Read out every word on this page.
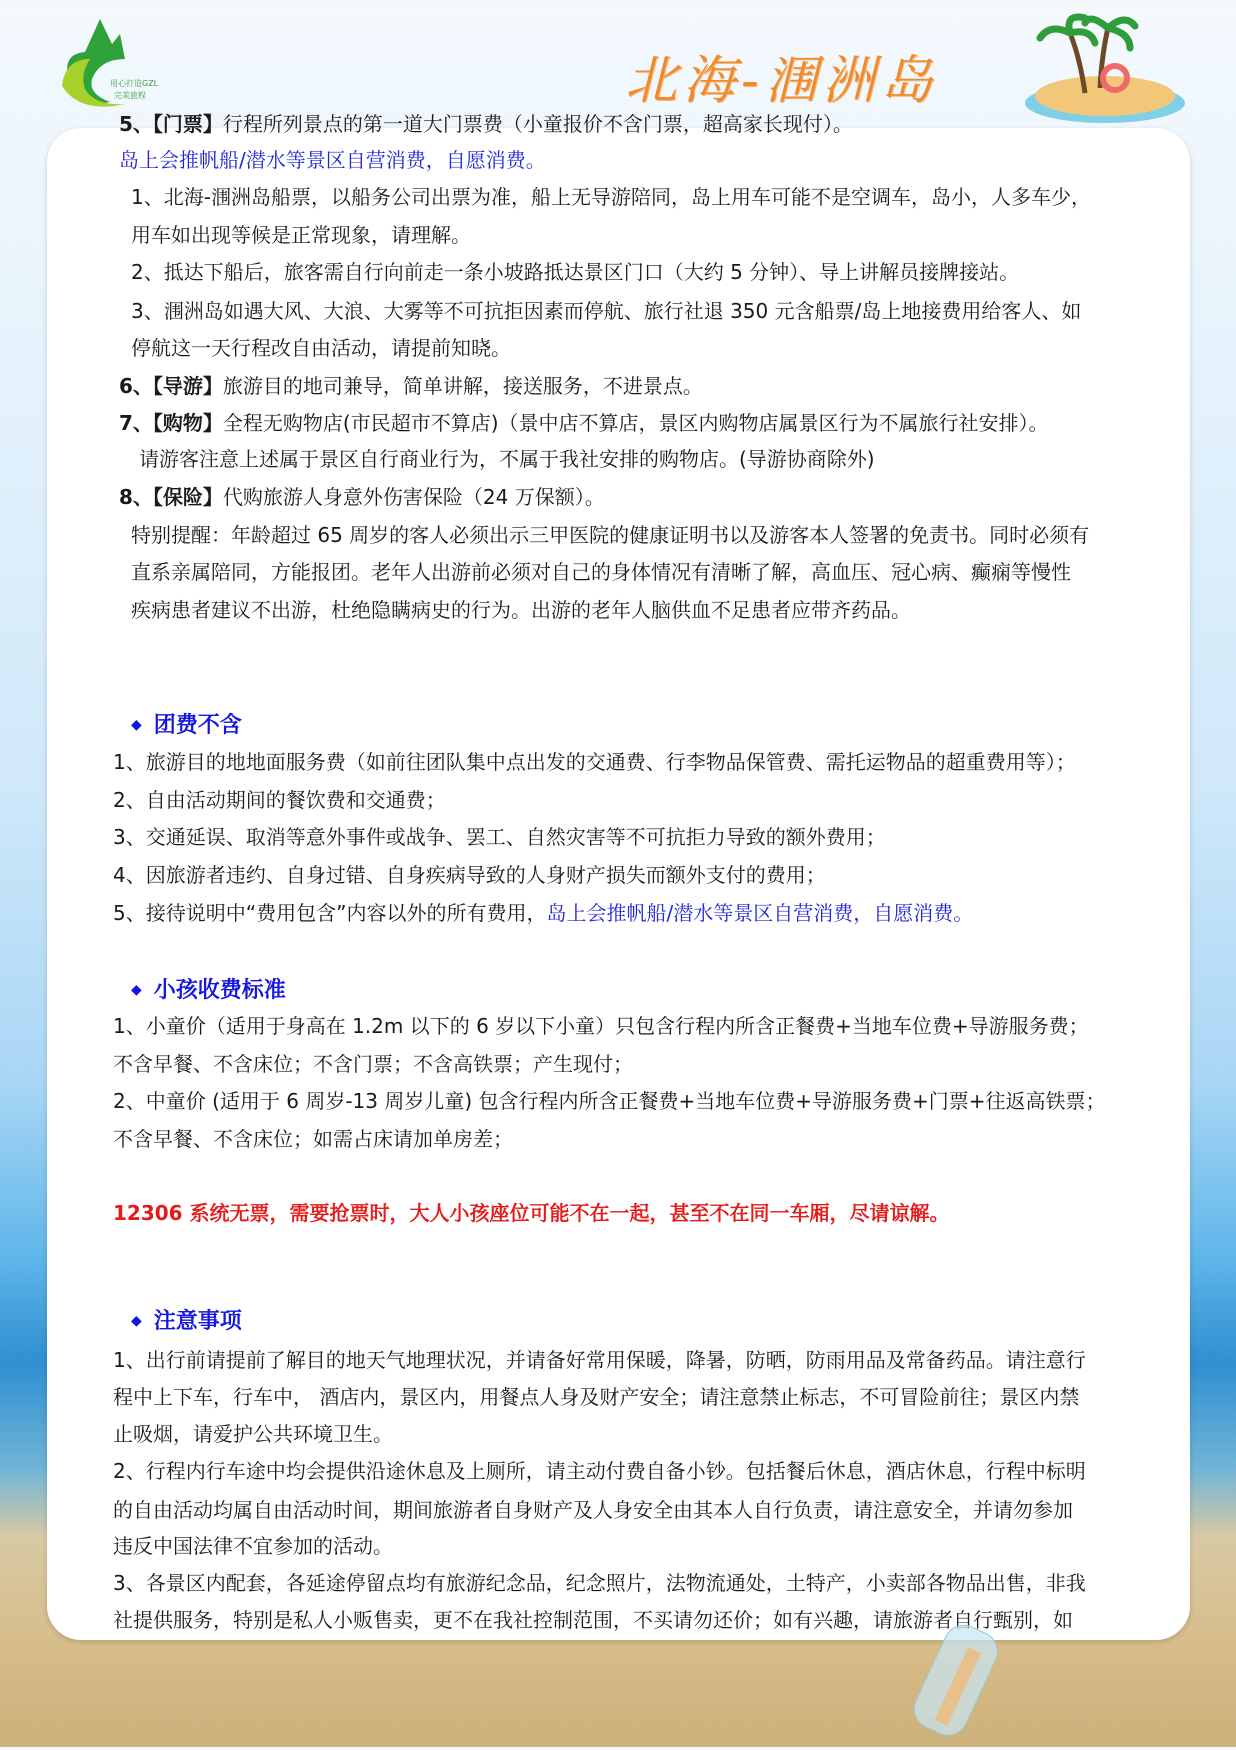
用心打造GZL
完美旅程	北海-涠洲岛
5、【门票】行程所列景点的第一道大门票费（小童报价不含门票，超高家长现付）。
岛上会推帆船/潜水等景区自营消费，自愿消费。
1、北海-涠洲岛船票，以船务公司出票为准，船上无导游陪同，岛上用车可能不是空调车，岛小，人多车少，
用车如出现等候是正常现象，请理解。
2、抵达下船后，旅客需自行向前走一条小坡路抵达景区门口（大约 5 分钟）、导上讲解员接牌接站。
3、涠洲岛如遇大风、大浪、大雾等不可抗拒因素而停航、旅行社退 350 元含船票/岛上地接费用给客人、如
停航这一天行程改自由活动，请提前知晓。
6、【导游】旅游目的地司兼导，简单讲解，接送服务，不进景点。
7、【购物】全程无购物店(市民超市不算店)（景中店不算店，景区内购物店属景区行为不属旅行社安排）。
请游客注意上述属于景区自行商业行为，不属于我社安排的购物店。(导游协商除外)
8、【保险】代购旅游人身意外伤害保险（24 万保额）。
特别提醒：年龄超过 65 周岁的客人必须出示三甲医院的健康证明书以及游客本人签署的免责书。同时必须有
直系亲属陪同，方能报团。老年人出游前必须对自己的身体情况有清晰了解，高血压、冠心病、癫痫等慢性
疾病患者建议不出游，杜绝隐瞒病史的行为。出游的老年人脑供血不足患者应带齐药品。
◆ 团费不含
1、旅游目的地地面服务费（如前往团队集中点出发的交通费、行李物品保管费、需托运物品的超重费用等）；
2、自由活动期间的餐饮费和交通费；
3、交通延误、取消等意外事件或战争、罢工、自然灾害等不可抗拒力导致的额外费用；
4、因旅游者违约、自身过错、自身疾病导致的人身财产损失而额外支付的费用；
5、接待说明中“费用包含”内容以外的所有费用，岛上会推帆船/潜水等景区自营消费，自愿消费。
◆ 小孩收费标准
1、小童价（适用于身高在 1.2m 以下的 6 岁以下小童）只包含行程内所含正餐费+当地车位费+导游服务费；
不含早餐、不含床位；不含门票；不含高铁票；产生现付；
2、中童价 (适用于 6 周岁-13 周岁儿童) 包含行程内所含正餐费+当地车位费+导游服务费+门票+往返高铁票；
不含早餐、不含床位；如需占床请加单房差；
12306 系统无票，需要抢票时，大人小孩座位可能不在一起，甚至不在同一车厢，尽请谅解。
◆ 注意事项
1、出行前请提前了解目的地天气地理状况，并请备好常用保暖，降暑，防晒，防雨用品及常备药品。请注意行
程中上下车，行车中， 酒店内，景区内，用餐点人身及财产安全；请注意禁止标志，不可冒险前往；景区内禁
止吸烟，请爱护公共环境卫生。
2、行程内行车途中均会提供沿途休息及上厕所，请主动付费自备小钞。包括餐后休息，酒店休息，行程中标明
的自由活动均属自由活动时间，期间旅游者自身财产及人身安全由其本人自行负责，请注意安全，并请勿参加
违反中国法律不宜参加的活动。
3、各景区内配套，各延途停留点均有旅游纪念品，纪念照片，法物流通处，土特产，小卖部各物品出售，非我
社提供服务，特别是私人小贩售卖，更不在我社控制范围，不买请勿还价；如有兴趣，请旅游者自行甄别，如
